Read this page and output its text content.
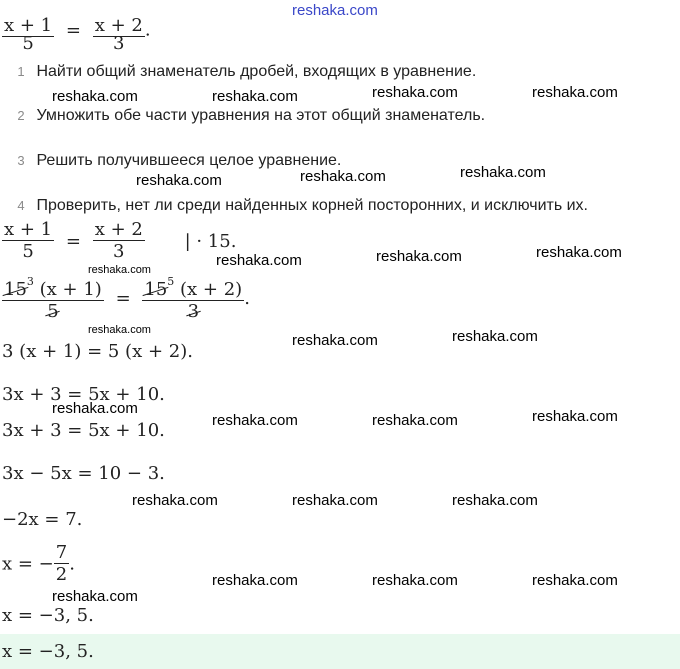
reshaka.com
$\frac{x + 1}{5} = \frac{x + 2}{3}$ .
1 Найти общий знаменатель дробей, входящих в уравнение.
2 Умножить обе части уравнения на этот общий знаменатель.
3 Решить получившееся целое уравнение.
4 Проверить, нет ли среди найденных корней посторонних, и исключить их.
$\frac{x + 1}{5} = \frac{x + 2}{3}$ | · 15.
$\frac{15^3 (x + 1)}{5} = \frac{15^5 (x + 2)}{3}$ .
3 (x + 1) = 5 (x + 2).
3x + 3 = 5x + 10.
3x + 3 = 5x + 10.
3x − 5x = 10 − 3.
−2x = 7.
x = − $\frac{7}{2}$ .
x = −3, 5.
x = −3, 5.
reshaka.com	reshaka.com	reshaka.com	reshaka.com
reshaka.com	reshaka.com	reshaka.com
reshaka.com	reshaka.com	reshaka.com
reshaka.com
reshaka.com
reshaka.com	reshaka.com
reshaka.com
reshaka.com	reshaka.com	reshaka.com
reshaka.com	reshaka.com	reshaka.com
reshaka.com	reshaka.com	reshaka.com
reshaka.com
